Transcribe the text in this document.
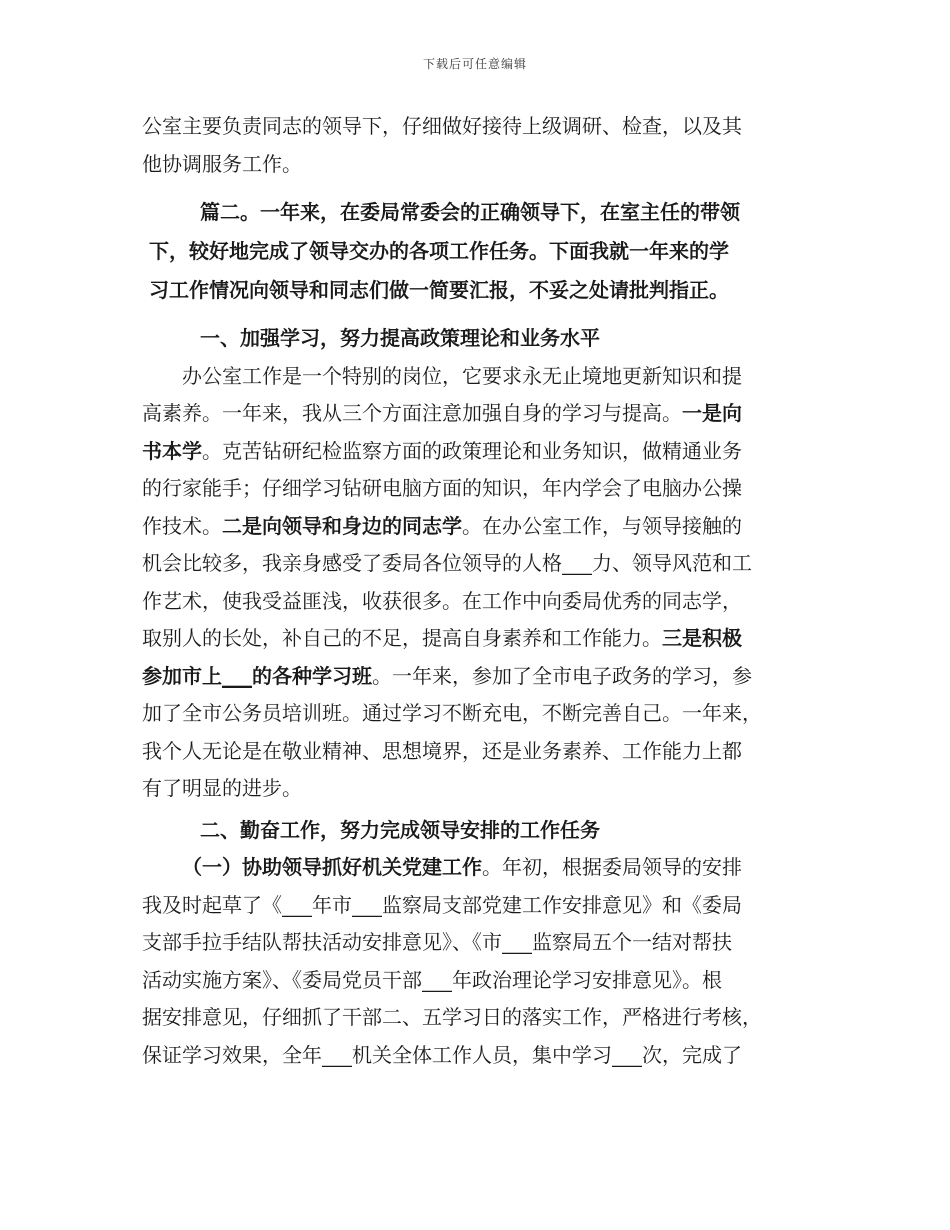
下载后可任意编辑
公室主要负责同志的领导下，仔细做好接待上级调研、检查，以及其
他协调服务工作。
篇二。一年来，在委局常委会的正确领导下，在室主任的带领
下，较好地完成了领导交办的各项工作任务。下面我就一年来的学
习工作情况向领导和同志们做一简要汇报，不妥之处请批判指正。
一、加强学习，努力提高政策理论和业务水平
办公室工作是一个特别的岗位，它要求永无止境地更新知识和提
高素养。一年来，我从三个方面注意加强自身的学习与提高。一是向
书本学。克苦钻研纪检监察方面的政策理论和业务知识，做精通业务
的行家能手；仔细学习钻研电脑方面的知识，年内学会了电脑办公操
作技术。二是向领导和身边的同志学。在办公室工作，与领导接触的
机会比较多，我亲身感受了委局各位领导的人格___力、领导风范和工
作艺术，使我受益匪浅，收获很多。在工作中向委局优秀的同志学，
取别人的长处，补自己的不足，提高自身素养和工作能力。三是积极
参加市上___的各种学习班。一年来，参加了全市电子政务的学习，参
加了全市公务员培训班。通过学习不断充电，不断完善自己。一年来，
我个人无论是在敬业精神、思想境界，还是业务素养、工作能力上都
有了明显的进步。
二、勤奋工作，努力完成领导安排的工作任务
（一）协助领导抓好机关党建工作。年初，根据委局领导的安排
我及时起草了《___年市___监察局支部党建工作安排意见》和《委局
支部手拉手结队帮扶活动安排意见》、《市___监察局五个一结对帮扶
活动实施方案》、《委局党员干部___年政治理论学习安排意见》。根
据安排意见，仔细抓了干部二、五学习日的落实工作，严格进行考核，
保证学习效果，全年___机关全体工作人员，集中学习___次，完成了
